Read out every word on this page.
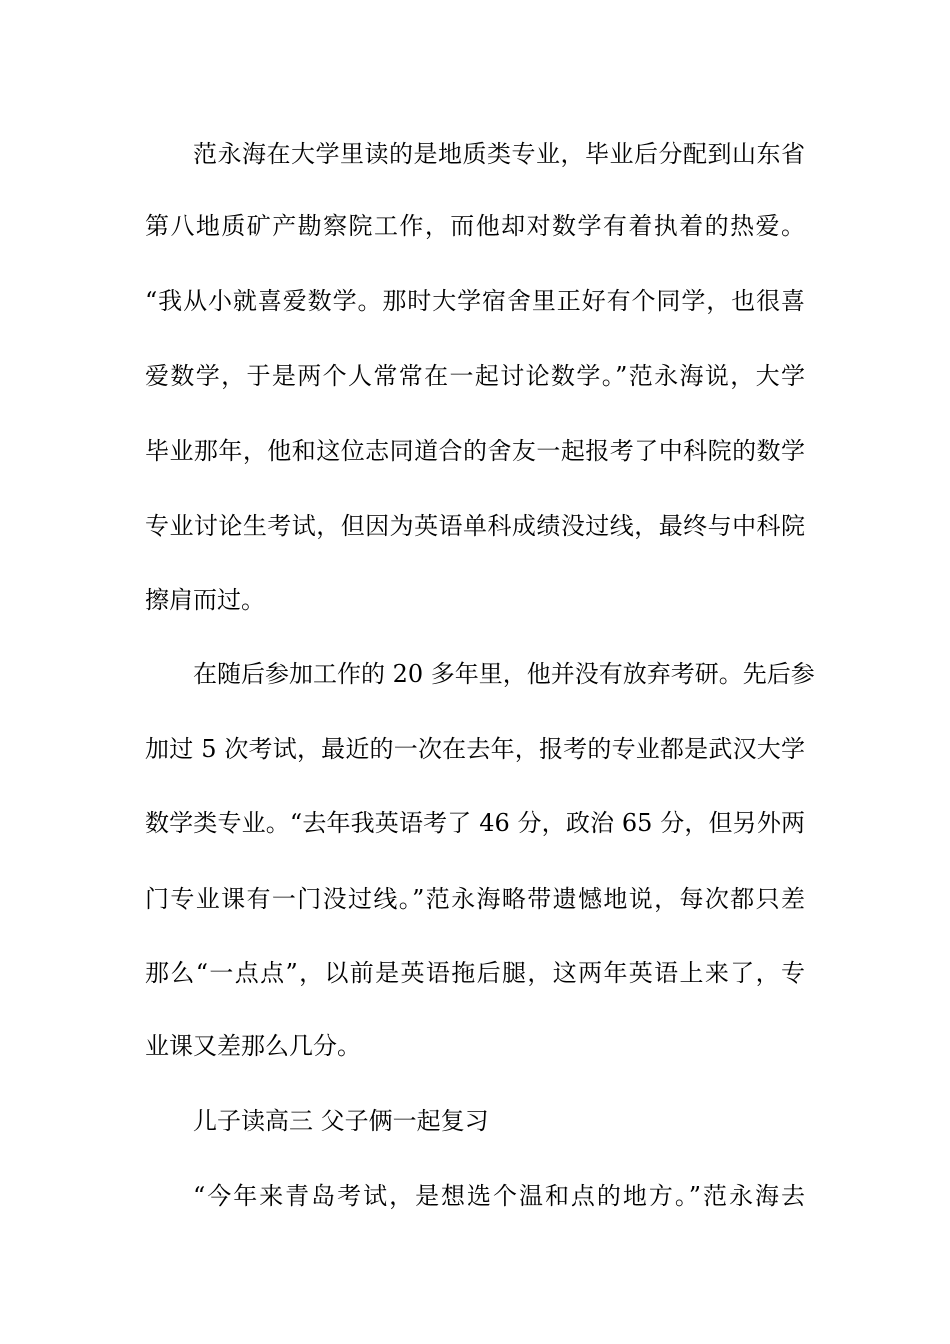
范永海在大学里读的是地质类专业，毕业后分配到山东省
第八地质矿产勘察院工作，而他却对数学有着执着的热爱。
“我从小就喜爱数学。那时大学宿舍里正好有个同学，也很喜
爱数学，于是两个人常常在一起讨论数学。”范永海说，大学
毕业那年，他和这位志同道合的舍友一起报考了中科院的数学
专业讨论生考试，但因为英语单科成绩没过线，最终与中科院
擦肩而过。
在随后参加工作的 20 多年里，他并没有放弃考研。先后参
加过 5 次考试，最近的一次在去年，报考的专业都是武汉大学
数学类专业。“去年我英语考了 46 分，政治 65 分，但另外两
门专业课有一门没过线。”范永海略带遗憾地说，每次都只差
那么“一点点”，以前是英语拖后腿，这两年英语上来了，专
业课又差那么几分。
儿子读高三 父子俩一起复习
“今年来青岛考试，是想选个温和点的地方。”范永海去
